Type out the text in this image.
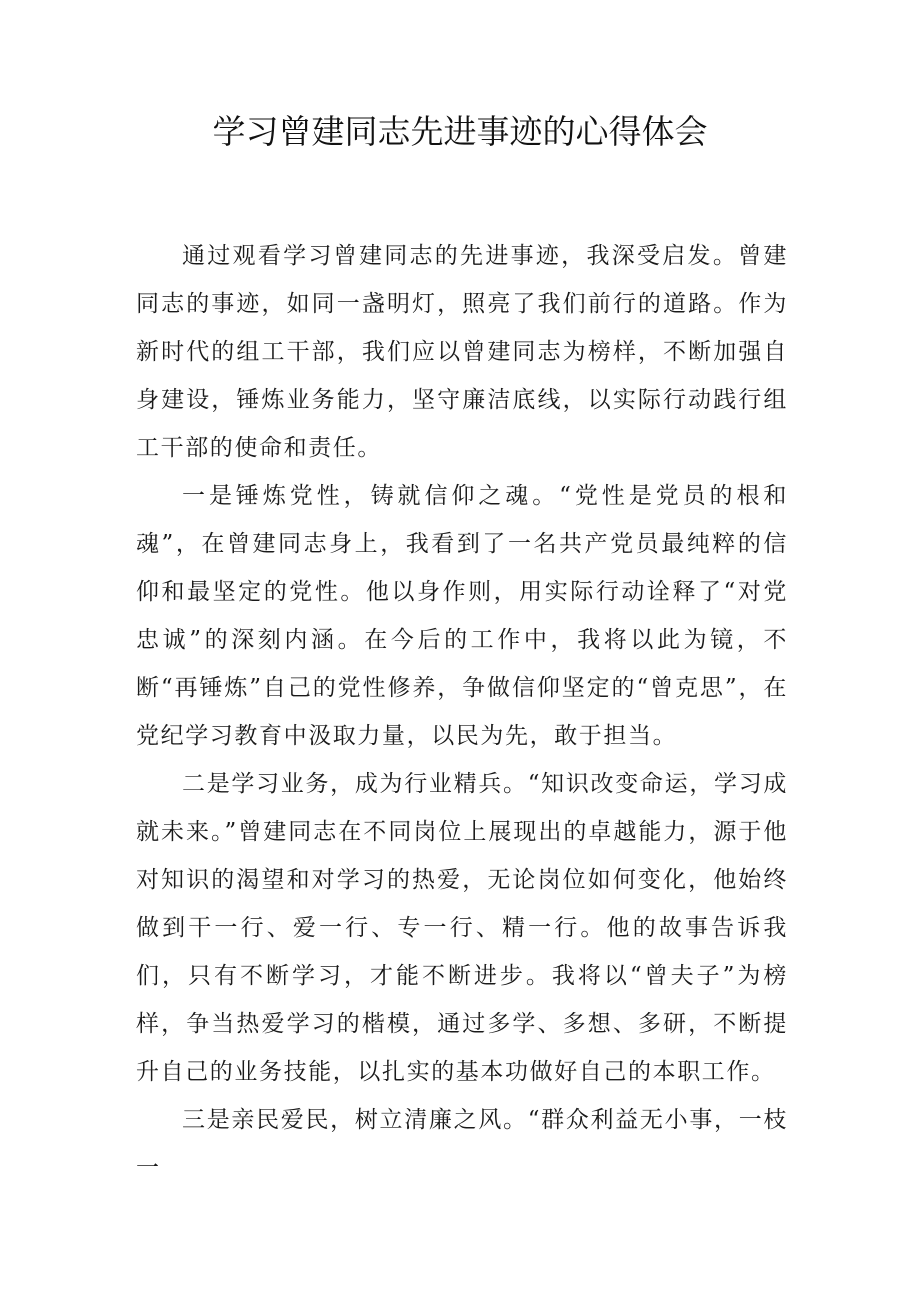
学习曾建同志先进事迹的心得体会

通过观看学习曾建同志的先进事迹，我深受启发。曾建同志的事迹，如同一盏明灯，照亮了我们前行的道路。作为新时代的组工干部，我们应以曾建同志为榜样，不断加强自身建设，锤炼业务能力，坚守廉洁底线，以实际行动践行组工干部的使命和责任。

一是锤炼党性，铸就信仰之魂。“党性是党员的根和魂”，在曾建同志身上，我看到了一名共产党员最纯粹的信仰和最坚定的党性。他以身作则，用实际行动诠释了“对党忠诚”的深刻内涵。在今后的工作中，我将以此为镜，不断“再锤炼”自己的党性修养，争做信仰坚定的“曾克思”，在党纪学习教育中汲取力量，以民为先，敢于担当。

二是学习业务，成为行业精兵。“知识改变命运，学习成就未来。”曾建同志在不同岗位上展现出的卓越能力，源于他对知识的渴望和对学习的热爱，无论岗位如何变化，他始终做到干一行、爱一行、专一行、精一行。他的故事告诉我们，只有不断学习，才能不断进步。我将以“曾夫子”为榜样，争当热爱学习的楷模，通过多学、多想、多研，不断提升自己的业务技能，以扎实的基本功做好自己的本职工作。

三是亲民爱民，树立清廉之风。“群众利益无小事，一枝一
